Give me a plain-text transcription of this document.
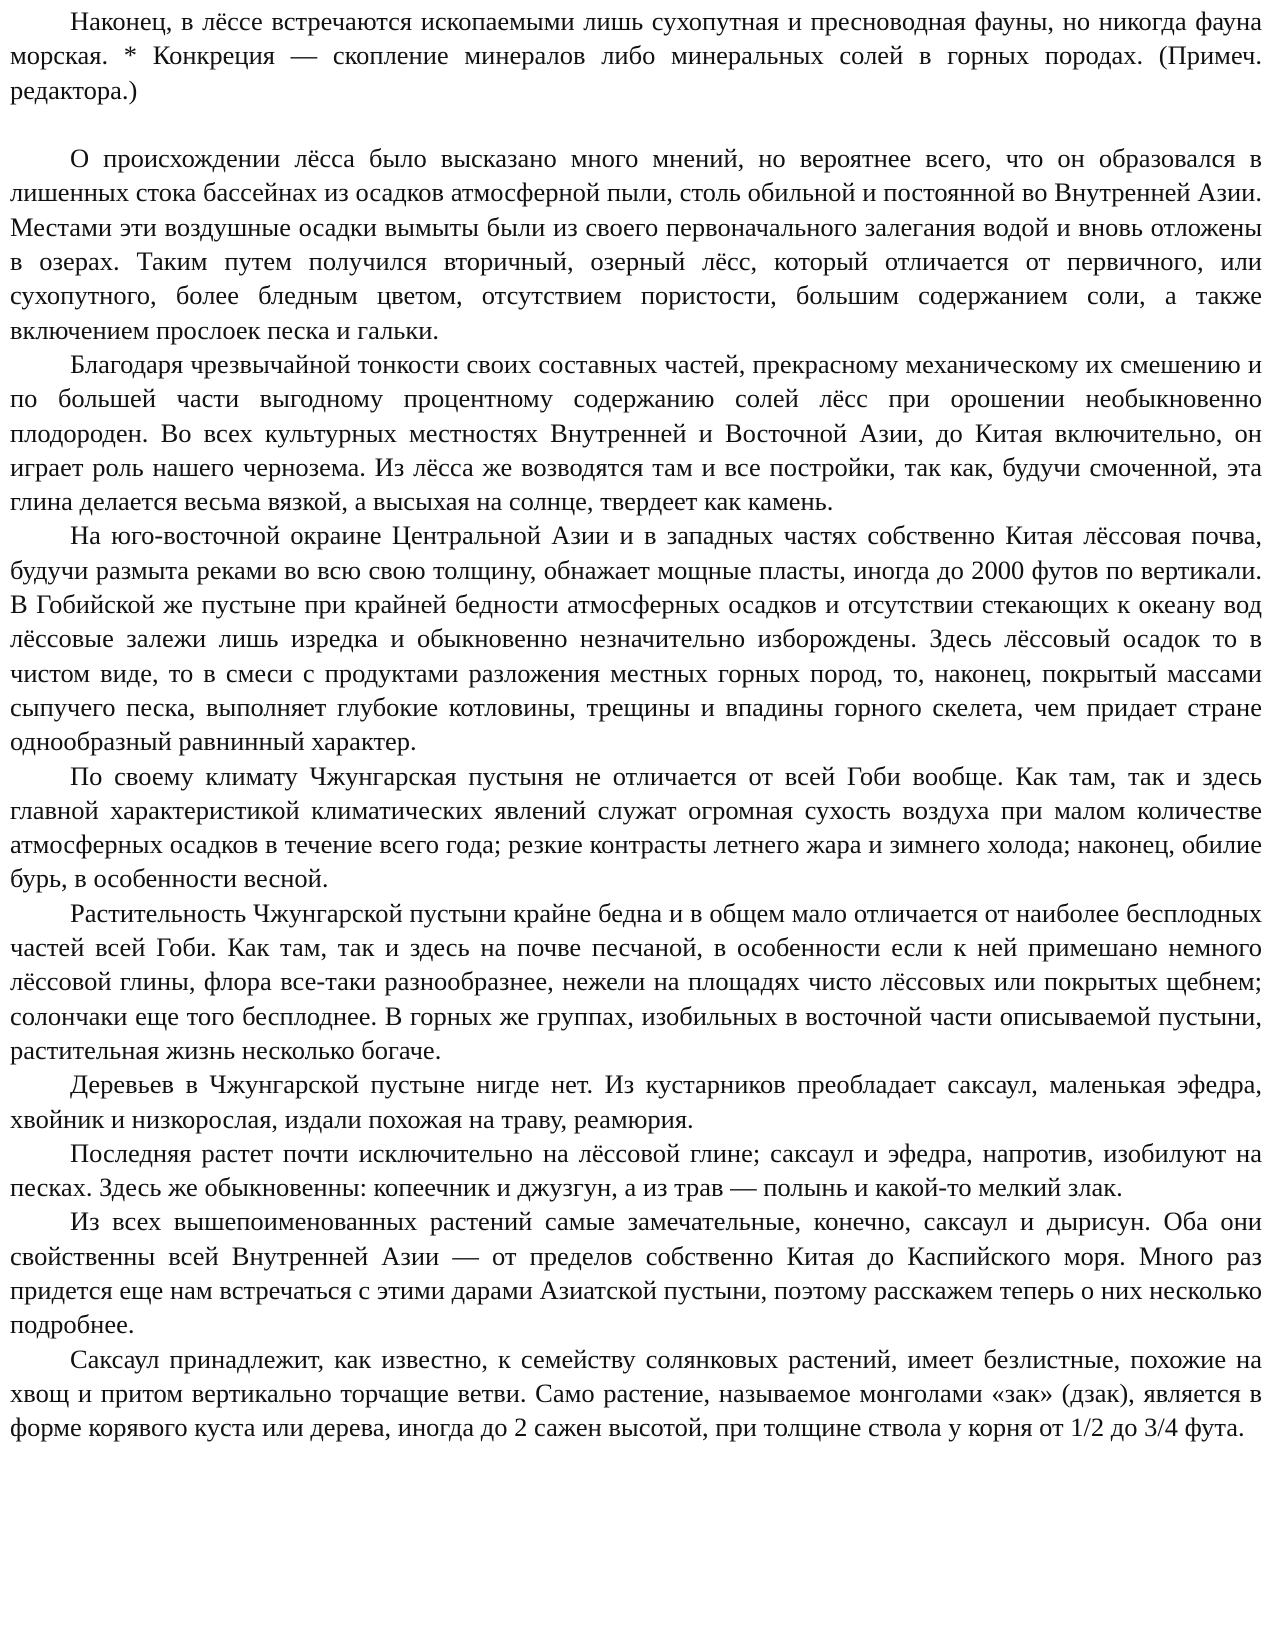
Наконец, в лёссе встречаются ископаемыми лишь сухопутная и пресноводная фауны, но никогда фауна морская. * Конкреция — скопление минералов либо минеральных солей в горных породах. (Примеч. редактора.)

О происхождении лёсса было высказано много мнений, но вероятнее всего, что он образовался в лишенных стока бассейнах из осадков атмосферной пыли, столь обильной и постоянной во Внутренней Азии. Местами эти воздушные осадки вымыты были из своего первоначального залегания водой и вновь отложены в озерах. Таким путем получился вторичный, озерный лёсс, который отличается от первичного, или сухопутного, более бледным цветом, отсутствием пористости, большим содержанием соли, а также включением прослоек песка и гальки.

Благодаря чрезвычайной тонкости своих составных частей, прекрасному механическому их смешению и по большей части выгодному процентному содержанию солей лёсс при орошении необыкновенно плодороден. Во всех культурных местностях Внутренней и Восточной Азии, до Китая включительно, он играет роль нашего чернозема. Из лёсса же возводятся там и все постройки, так как, будучи смоченной, эта глина делается весьма вязкой, а высыхая на солнце, твердеет как камень.

На юго-восточной окраине Центральной Азии и в западных частях собственно Китая лёссовая почва, будучи размыта реками во всю свою толщину, обнажает мощные пласты, иногда до 2000 футов по вертикали. В Гобийской же пустыне при крайней бедности атмосферных осадков и отсутствии стекающих к океану вод лёссовые залежи лишь изредка и обыкновенно незначительно изборождены. Здесь лёссовый осадок то в чистом виде, то в смеси с продуктами разложения местных горных пород, то, наконец, покрытый массами сыпучего песка, выполняет глубокие котловины, трещины и впадины горного скелета, чем придает стране однообразный равнинный характер.

По своему климату Чжунгарская пустыня не отличается от всей Гоби вообще. Как там, так и здесь главной характеристикой климатических явлений служат огромная сухость воздуха при малом количестве атмосферных осадков в течение всего года; резкие контрасты летнего жара и зимнего холода; наконец, обилие бурь, в особенности весной.

Растительность Чжунгарской пустыни крайне бедна и в общем мало отличается от наиболее бесплодных частей всей Гоби. Как там, так и здесь на почве песчаной, в особенности если к ней примешано немного лёссовой глины, флора все-таки разнообразнее, нежели на площадях чисто лёссовых или покрытых щебнем; солончаки еще того бесплоднее. В горных же группах, изобильных в восточной части описываемой пустыни, растительная жизнь несколько богаче.

Деревьев в Чжунгарской пустыне нигде нет. Из кустарников преобладает саксаул, маленькая эфедра, хвойник и низкорослая, издали похожая на траву, реамюрия.

Последняя растет почти исключительно на лёссовой глине; саксаул и эфедра, напротив, изобилуют на песках. Здесь же обыкновенны: копеечник и джузгун, а из трав — полынь и какой-то мелкий злак.

Из всех вышепоименованных растений самые замечательные, конечно, саксаул и дырисун. Оба они свойственны всей Внутренней Азии — от пределов собственно Китая до Каспийского моря. Много раз придется еще нам встречаться с этими дарами Азиатской пустыни, поэтому расскажем теперь о них несколько подробнее.

Саксаул принадлежит, как известно, к семейству солянковых растений, имеет безлистные, похожие на хвощ и притом вертикально торчащие ветви. Само растение, называемое монголами «зак» (дзак), является в форме корявого куста или дерева, иногда до 2 сажен высотой, при толщине ствола у корня от 1/2 до 3/4 фута.
